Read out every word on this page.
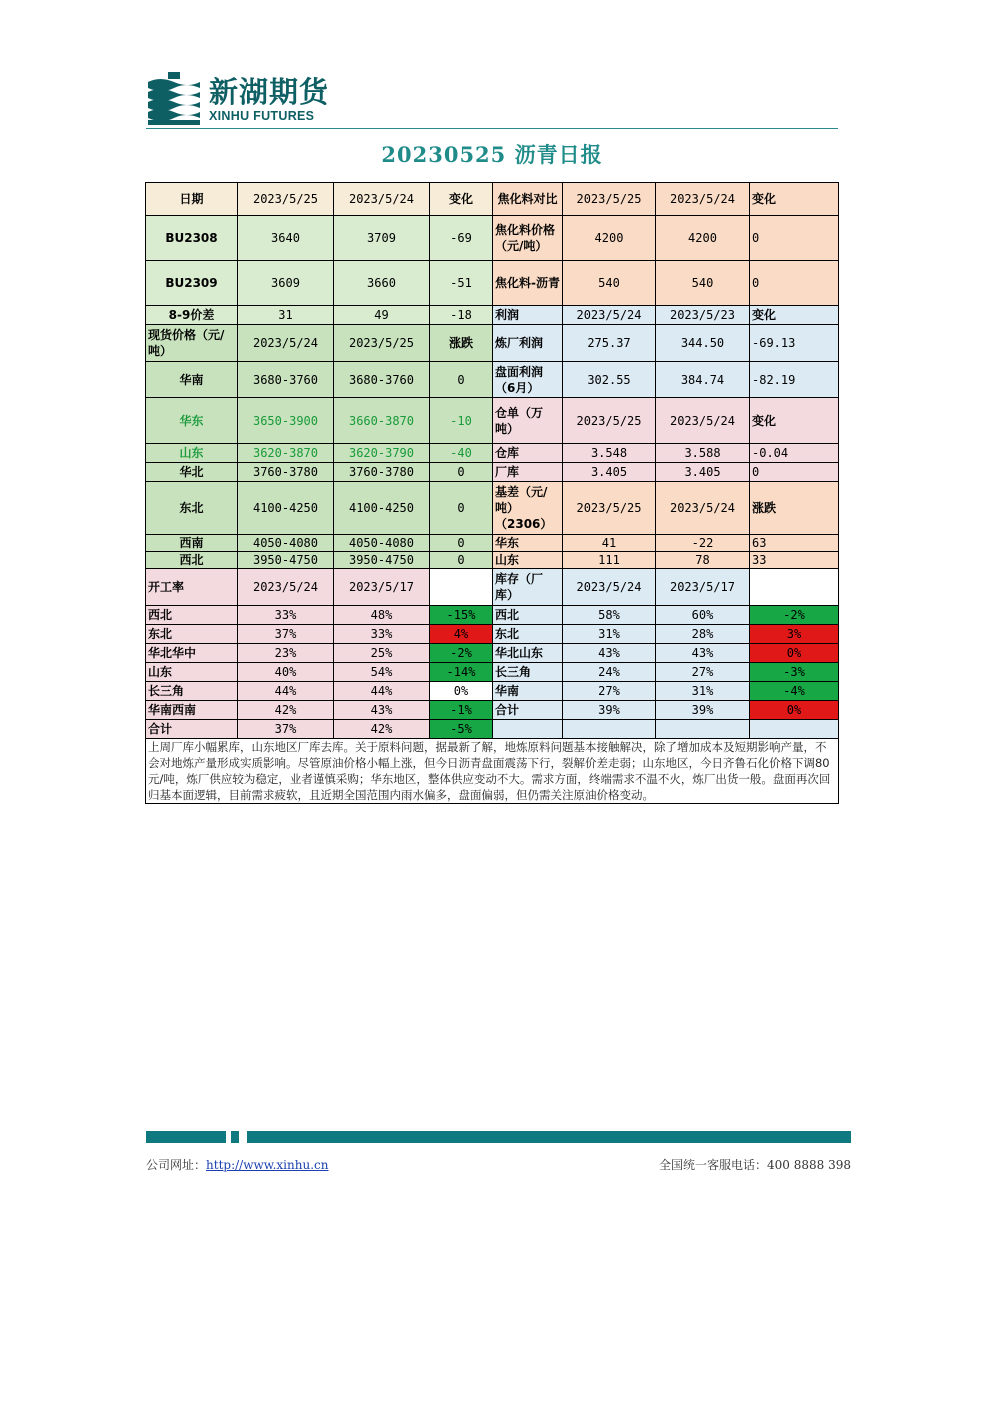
新湖期货
XINHU FUTURES
20230525 沥青日报
日期	2023/5/25	2023/5/24	变化	焦化料对比	2023/5/25	2023/5/24	变化
BU2308	3640	3709	-69	焦化料价格（元/吨）	4200	4200	0
BU2309	3609	3660	-51	焦化料-沥青	540	540	0
8-9价差	31	49	-18	利润	2023/5/24	2023/5/23	变化
现货价格（元/吨）	2023/5/24	2023/5/25	涨跌	炼厂利润	275.37	344.50	-69.13
华南	3680-3760	3680-3760	0	盘面利润（6月）	302.55	384.74	-82.19
华东	3650-3900	3660-3870	-10	仓单（万吨）	2023/5/25	2023/5/24	变化
山东	3620-3870	3620-3790	-40	仓库	3.548	3.588	-0.04
华北	3760-3780	3760-3780	0	厂库	3.405	3.405	0
东北	4100-4250	4100-4250	0	基差（元/吨）（2306）	2023/5/25	2023/5/24	涨跌
西南	4050-4080	4050-4080	0	华东	41	-22	63
西北	3950-4750	3950-4750	0	山东	111	78	33
开工率	2023/5/24	2023/5/17		库存（厂库）	2023/5/24	2023/5/17	
西北	33%	48%	-15%	西北	58%	60%	-2%
东北	37%	33%	4%	东北	31%	28%	3%
华北华中	23%	25%	-2%	华北山东	43%	43%	0%
山东	40%	54%	-14%	长三角	24%	27%	-3%
长三角	44%	44%	0%	华南	27%	31%	-4%
华南西南	42%	43%	-1%	合计	39%	39%	0%
合计	37%	42%	-5%				
上周厂库小幅累库，山东地区厂库去库。关于原料问题，据最新了解，地炼原料问题基本接触解决，除了增加成本及短期影响产量，不会对地炼产量形成实质影响。尽管原油价格小幅上涨，但今日沥青盘面震荡下行，裂解价差走弱；山东地区，今日齐鲁石化价格下调80元/吨，炼厂供应较为稳定，业者谨慎采购；华东地区，整体供应变动不大。需求方面，终端需求不温不火，炼厂出货一般。盘面再次回归基本面逻辑，目前需求疲软，且近期全国范围内雨水偏多，盘面偏弱，但仍需关注原油价格变动。							
公司网址：http://www.xinhu.cn	全国统一客服电话：400 8888 398
